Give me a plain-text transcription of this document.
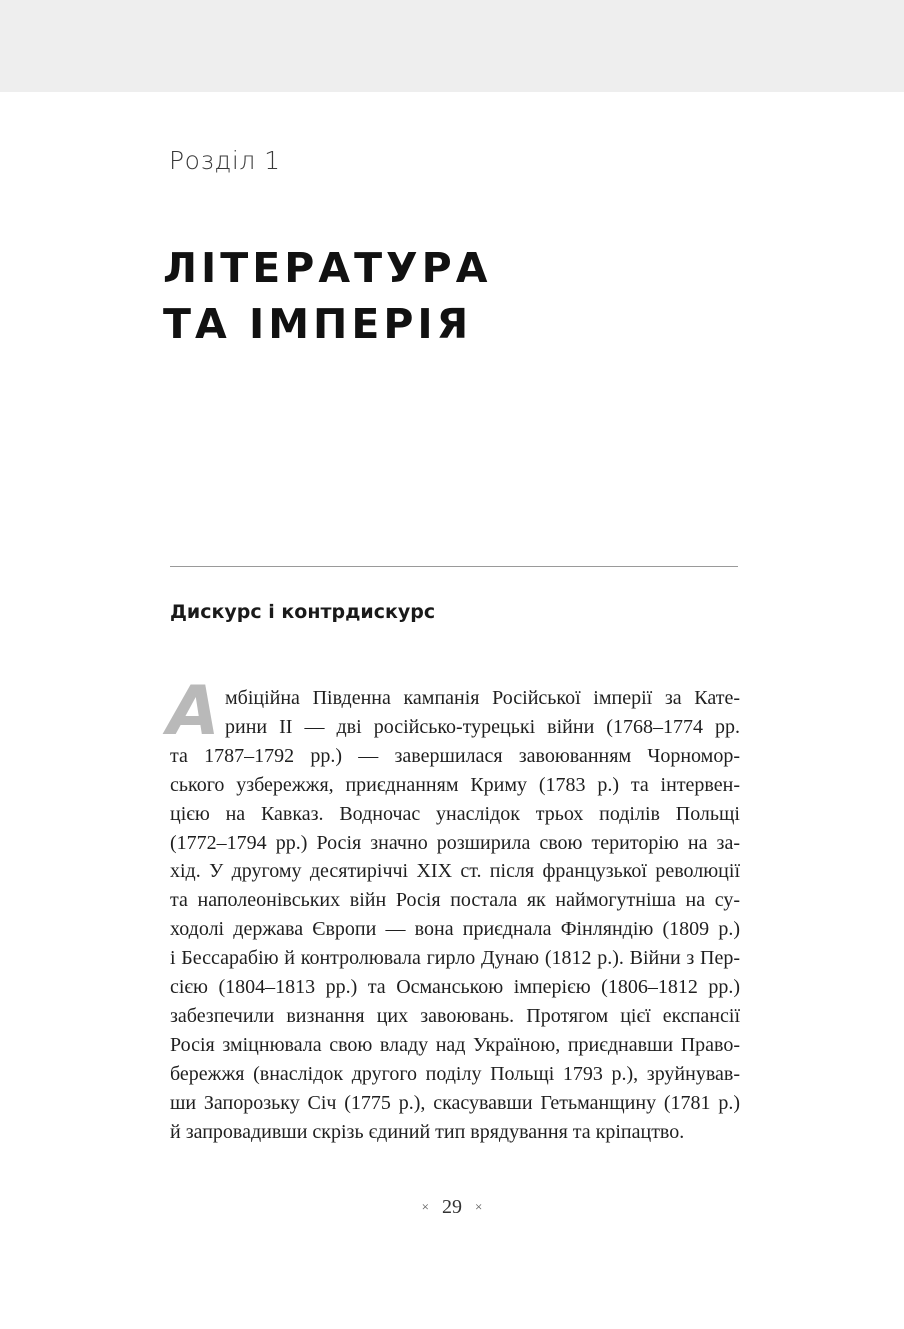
Розділ 1
ЛІТЕРАТУРА
ТА ІМПЕРІЯ
Дискурс і контрдискурс
А мбіційна Південна кампанія Російської імперії за Кате-
рини II — дві російсько-турецькі війни (1768–1774 рр.
та 1787–1792 рр.) — завершилася завоюванням Чорномор-
ського узбережжя, приєднанням Криму (1783 р.) та інтервен-
цією на Кавказ. Водночас унаслідок трьох поділів Польщі
(1772–1794 рр.) Росія значно розширила свою територію на за-
хід. У другому десятиріччі XIX ст. після французької революції
та наполеонівських війн Росія постала як наймогутніша на су-
ходолі держава Європи — вона приєднала Фінляндію (1809 р.)
і Бессарабію й контролювала гирло Дунаю (1812 р.). Війни з Пер-
сією (1804–1813 рр.) та Османською імперією (1806–1812 рр.)
забезпечили визнання цих завоювань. Протягом цієї експансії
Росія зміцнювала свою владу над Україною, приєднавши Право-
бережжя (внаслідок другого поділу Польщі 1793 р.), зруйнував-
ши Запорозьку Січ (1775 р.), скасувавши Гетьманщину (1781 р.)
й запровадивши скрізь єдиний тип врядування та кріпацтво.

× 29 ×
